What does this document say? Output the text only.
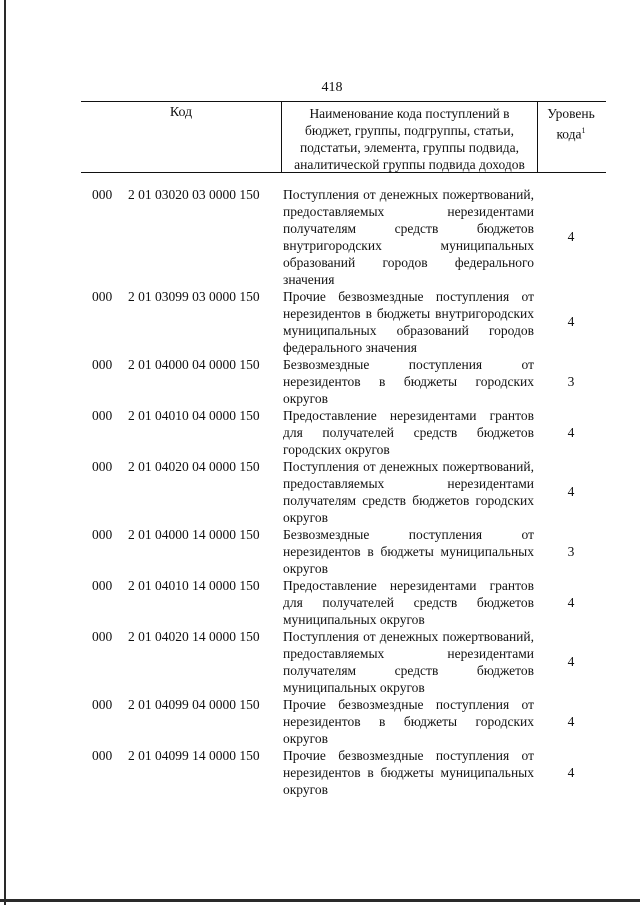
418
Код	Наименование кода поступлений в
бюджет, группы, подгруппы, статьи,
подстатьи, элемента, группы подвида,
аналитической группы подвида доходов
Уровень
кода$^1$
000 2 01 03020 03 0000 150 Поступления от денежных пожертвований, предоставляемых нерезидентами получателям средств бюджетов внутригородских муниципальных образований городов федерального значения
4
000 2 01 03099 03 0000 150 Прочие безвозмездные поступления от нерезидентов в бюджеты внутригородских муниципальных образований городов федерального значения
4
000 2 01 04000 04 0000 150 Безвозмездные поступления от нерезидентов в бюджеты городских округов
3
000 2 01 04010 04 0000 150 Предоставление нерезидентами грантов для получателей средств бюджетов городских округов
4
000 2 01 04020 04 0000 150 Поступления от денежных пожертвований, предоставляемых нерезидентами получателям средств бюджетов городских округов
4
000 2 01 04000 14 0000 150 Безвозмездные поступления от нерезидентов в бюджеты муниципальных округов
3
000 2 01 04010 14 0000 150 Предоставление нерезидентами грантов для получателей средств бюджетов муниципальных округов
4
000 2 01 04020 14 0000 150 Поступления от денежных пожертвований, предоставляемых нерезидентами получателям средств бюджетов муниципальных округов
4
000 2 01 04099 04 0000 150 Прочие безвозмездные поступления от нерезидентов в бюджеты городских округов
4
000 2 01 04099 14 0000 150 Прочие безвозмездные поступления от нерезидентов в бюджеты муниципальных округов
4
